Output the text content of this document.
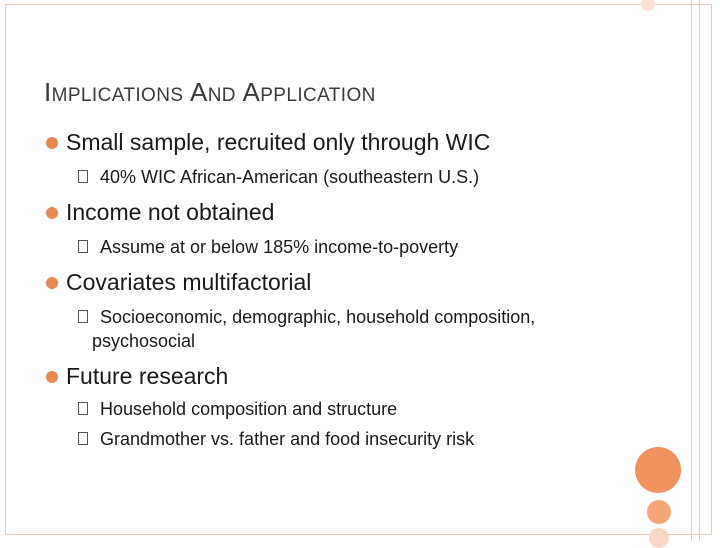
IMPLICATIONS AND APPLICATION
Small sample, recruited only through WIC
40% WIC African-American (southeastern U.S.)
Income not obtained
Assume at or below 185% income-to-poverty
Covariates multifactorial
Socioeconomic, demographic, household composition,
psychosocial
Future research
Household composition and structure
Grandmother vs. father and food insecurity risk
